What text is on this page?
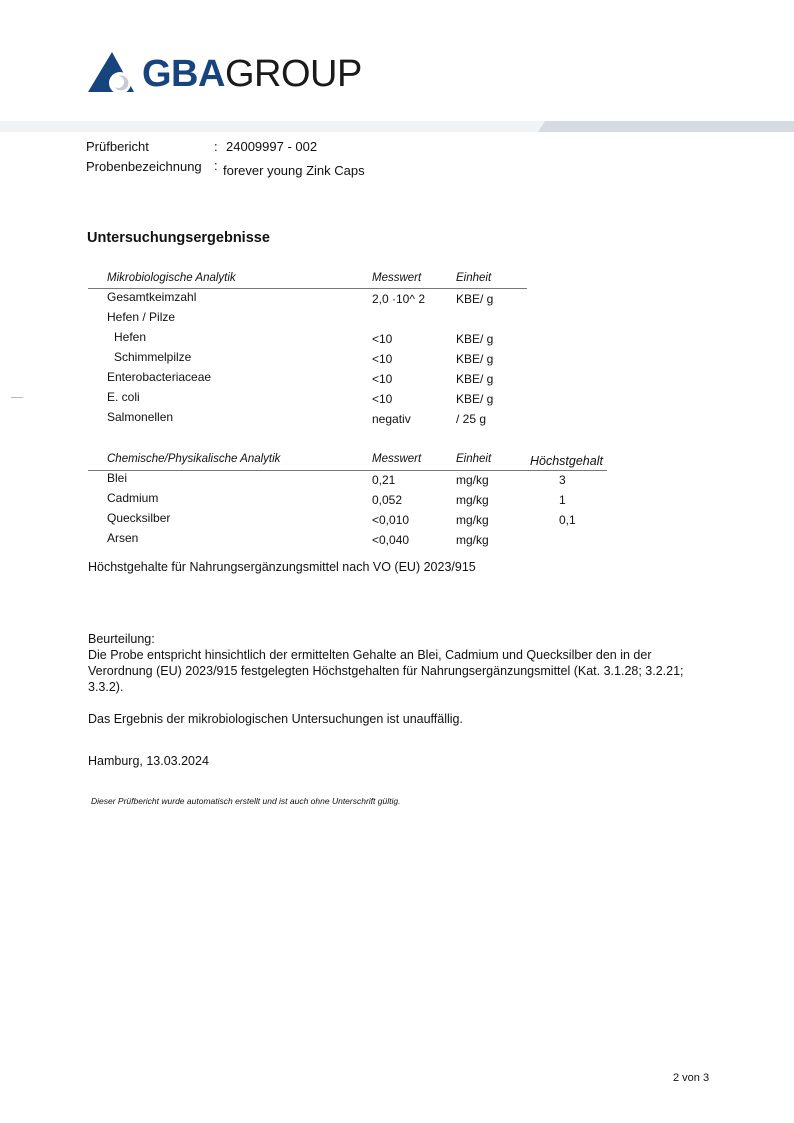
GBAGROUP
Prüfbericht	: 24009997 - 002
Probenbezeichnung : forever young Zink Caps
Untersuchungsergebnisse
Mikrobiologische Analytik	Messwert	Einheit
Gesamtkeimzahl	2,0 ·10^ 2	KBE/ g
Hefen / Pilze
Hefen	<10	KBE/ g
Schimmelpilze	<10	KBE/ g
Enterobacteriaceae	<10	KBE/ g
E. coli	<10	KBE/ g
Salmonellen	negativ	/ 25 g
Chemische/Physikalische Analytik	Messwert	Einheit	Höchstgehalt
Blei	0,21	mg/kg	3
Cadmium	0,052	mg/kg	1
Quecksilber	<0,010	mg/kg	0,1
Arsen	<0,040	mg/kg
Höchstgehalte für Nahrungsergänzungsmittel nach VO (EU) 2023/915
Beurteilung:
Die Probe entspricht hinsichtlich der ermittelten Gehalte an Blei, Cadmium und Quecksilber den in der
Verordnung (EU) 2023/915 festgelegten Höchstgehalten für Nahrungsergänzungsmittel (Kat. 3.1.28; 3.2.21;
3.3.2).
Das Ergebnis der mikrobiologischen Untersuchungen ist unauffällig.
Hamburg, 13.03.2024
Dieser Prüfbericht wurde automatisch erstellt und ist auch ohne Unterschrift gültig.
2 von 3
